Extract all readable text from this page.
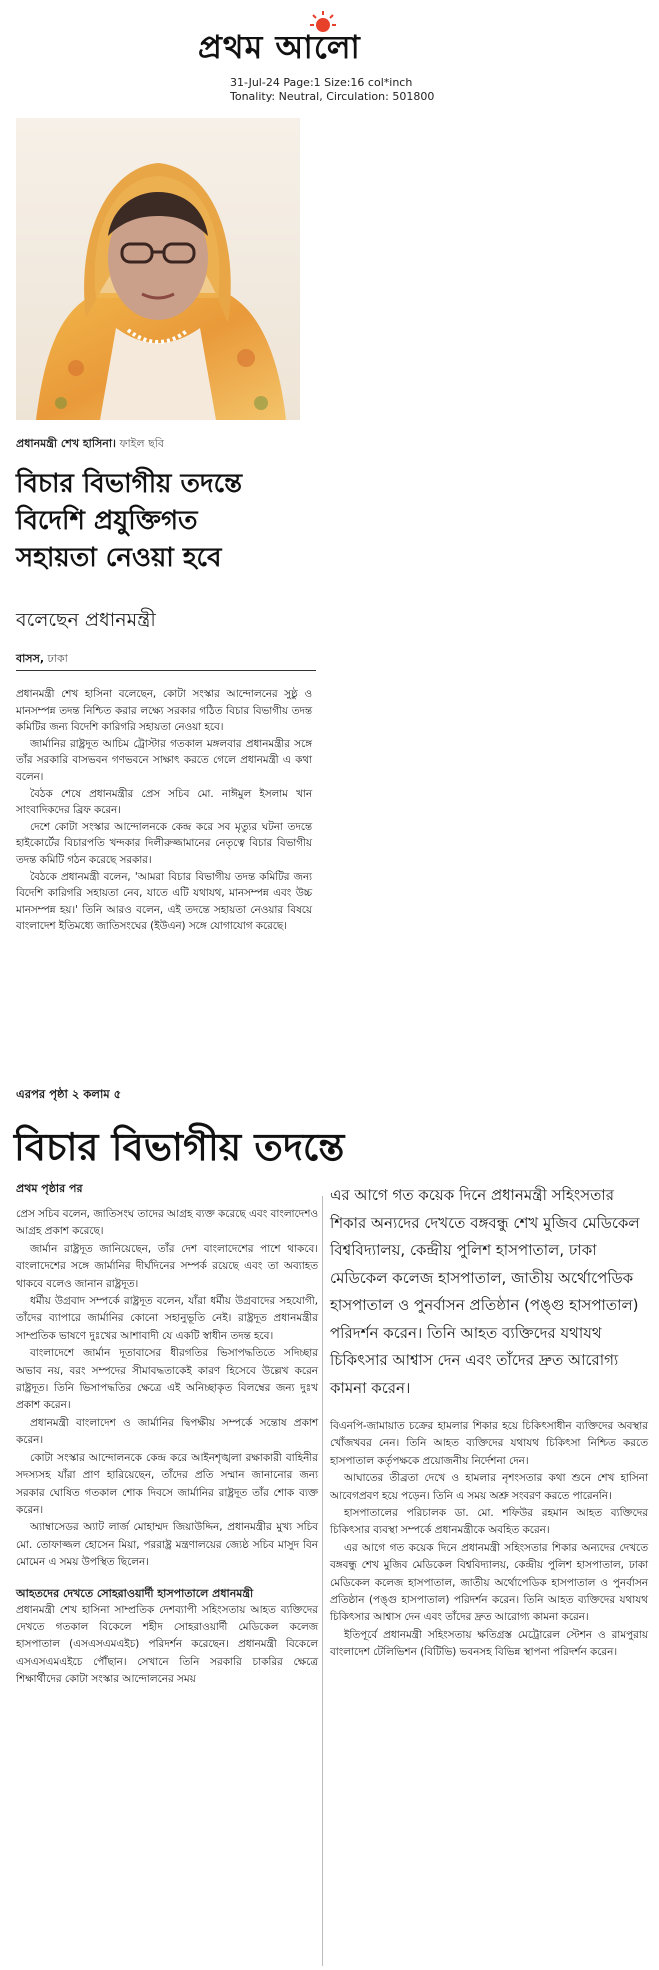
প্রথম আলো
31-Jul-24 Page:1 Size:16 col*inch
Tonality: Neutral, Circulation: 501800
প্রধানমন্ত্রী শেখ হাসিনা। ফাইল ছবি
বিচার বিভাগীয় তদন্তে
বিদেশি প্রযুক্তিগত
সহায়তা নেওয়া হবে
বলেছেন প্রধানমন্ত্রী
বাসস, ঢাকা

প্রধানমন্ত্রী শেখ হাসিনা বলেছেন, কোটা সংস্কার আন্দোলনের সুষ্ঠু ও মানসম্পন্ন তদন্ত নিশ্চিত করার লক্ষ্যে সরকার গঠিত বিচার বিভাগীয় তদন্ত কমিটির জন্য বিদেশি কারিগরি সহায়তা নেওয়া হবে।

জার্মানির রাষ্ট্রদূত আচিম ট্রোস্টার গতকাল মঙ্গলবার প্রধানমন্ত্রীর সঙ্গে তাঁর সরকারি বাসভবন গণভবনে সাক্ষাৎ করতে গেলে প্রধানমন্ত্রী এ কথা বলেন।

বৈঠক শেষে প্রধানমন্ত্রীর প্রেস সচিব মো. নাঈমুল ইসলাম খান সাংবাদিকদের ব্রিফ করেন।

দেশে কোটা সংস্কার আন্দোলনকে কেন্দ্র করে সব মৃত্যুর ঘটনা তদন্তে হাইকোর্টের বিচারপতি খন্দকার দিলীরুজ্জামানের নেতৃত্বে বিচার বিভাগীয় তদন্ত কমিটি গঠন করেছে সরকার।

বৈঠকে প্রধানমন্ত্রী বলেন, 'আমরা বিচার বিভাগীয় তদন্ত কমিটির জন্য বিদেশি কারিগরি সহায়তা নেব, যাতে এটি যথাযথ, মানসম্পন্ন এবং উচ্চ মানসম্পন্ন হয়।' তিনি আরও বলেন, এই তদন্তে সহায়তা নেওয়ার বিষয়ে বাংলাদেশ ইতিমধ্যে জাতিসংঘের (ইউএন) সঙ্গে যোগাযোগ করেছে।

এরপর পৃষ্ঠা ২ কলাম ৫
বিচার বিভাগীয় তদন্তে
প্রথম পৃষ্ঠার পর

প্রেস সচিব বলেন, জাতিসংঘ তাদের আগ্রহ ব্যক্ত করেছে এবং বাংলাদেশও আগ্রহ প্রকাশ করেছে।

জার্মান রাষ্ট্রদূত জানিয়েছেন, তাঁর দেশ বাংলাদেশের পাশে থাকবে। বাংলাদেশের সঙ্গে জার্মানির দীর্ঘদিনের সম্পর্ক রয়েছে এবং তা অব্যাহত থাকবে বলেও জানান রাষ্ট্রদূত।

ধর্মীয় উগ্রবাদ সম্পর্কে রাষ্ট্রদূত বলেন, যাঁরা ধর্মীয় উগ্রবাদের সহযোগী, তাঁদের ব্যাপারে জার্মানির কোনো সহানুভূতি নেই। রাষ্ট্রদূত প্রধানমন্ত্রীর সাম্প্রতিক ভাষণে দুঃখের আশাবাদী যে একটি স্বাধীন তদন্ত হবে।

বাংলাদেশে জার্মান দূতাবাসের ধীরগতির ভিসাপদ্ধতিতে সদিচ্ছার অভাব নয়, বরং সম্পদের সীমাবদ্ধতাকেই কারণ হিসেবে উল্লেখ করেন রাষ্ট্রদূত। তিনি ভিসাপদ্ধতির ক্ষেত্রে এই অনিচ্ছাকৃত বিলম্বের জন্য দুঃখ প্রকাশ করেন।

প্রধানমন্ত্রী বাংলাদেশ ও জার্মানির দ্বিপক্ষীয় সম্পর্কে সন্তোষ প্রকাশ করেন।

কোটা সংস্কার আন্দোলনকে কেন্দ্র করে আইনশৃঙ্খলা রক্ষাকারী বাহিনীর সদস্যসহ যাঁরা প্রাণ হারিয়েছেন, তাঁদের প্রতি সম্মান জানানোর জন্য সরকার ঘোষিত গতকাল শোক দিবসে জার্মানির রাষ্ট্রদূত তাঁর শোক ব্যক্ত করেন।

অ্যাম্বাসেডর অ্যাট লার্জ মোহাম্মদ জিয়াউদ্দিন, প্রধানমন্ত্রীর মুখ্য সচিব মো. তোফাজ্জল হোসেন মিয়া, পররাষ্ট্র মন্ত্রণালয়ের জ্যেষ্ঠ সচিব মাসুদ বিন মোমেন এ সময় উপস্থিত ছিলেন।

আহতদের দেখতে সোহরাওয়ার্দী হাসপাতালে প্রধানমন্ত্রী

প্রধানমন্ত্রী শেখ হাসিনা সাম্প্রতিক দেশব্যাপী সহিংসতায় আহত ব্যক্তিদের দেখতে গতকাল বিকেলে শহীদ সোহরাওয়ার্দী মেডিকেল কলেজ হাসপাতাল (এসএসএমএইচ) পরিদর্শন করেছেন। প্রধানমন্ত্রী বিকেলে এসএসএমএইচে পৌঁছান। সেখানে তিনি সরকারি চাকরির ক্ষেত্রে শিক্ষার্থীদের কোটা সংস্কার আন্দোলনের সময়

এর আগে গত কয়েক দিনে প্রধানমন্ত্রী সহিংসতার শিকার অন্যদের দেখতে বঙ্গবন্ধু শেখ মুজিব মেডিকেল বিশ্ববিদ্যালয়, কেন্দ্রীয় পুলিশ হাসপাতাল, ঢাকা মেডিকেল কলেজ হাসপাতাল, জাতীয় অর্থোপেডিক হাসপাতাল ও পুনর্বাসন প্রতিষ্ঠান (পঙ্গু হাসপাতাল) পরিদর্শন করেন। তিনি আহত ব্যক্তিদের যথাযথ চিকিৎসার আশ্বাস দেন এবং তাঁদের দ্রুত আরোগ্য কামনা করেন।

বিএনপি-জামায়াত চক্রের হামলার শিকার হয়ে চিকিৎসাধীন ব্যক্তিদের অবস্থার খোঁজখবর নেন। তিনি আহত ব্যক্তিদের যথাযথ চিকিৎসা নিশ্চিত করতে হাসপাতাল কর্তৃপক্ষকে প্রয়োজনীয় নির্দেশনা দেন।

আঘাতের তীব্রতা দেখে ও হামলার নৃশংসতার কথা শুনে শেখ হাসিনা আবেগপ্রবণ হয়ে পড়েন। তিনি এ সময় অশ্রু সংবরণ করতে পারেননি।

হাসপাতালের পরিচালক ডা. মো. শফিউর রহমান আহত ব্যক্তিদের চিকিৎসার ব্যবস্থা সম্পর্কে প্রধানমন্ত্রীকে অবহিত করেন।

এর আগে গত কয়েক দিনে প্রধানমন্ত্রী সহিংসতার শিকার অন্যদের দেখতে বঙ্গবন্ধু শেখ মুজিব মেডিকেল বিশ্ববিদ্যালয়, কেন্দ্রীয় পুলিশ হাসপাতাল, ঢাকা মেডিকেল কলেজ হাসপাতাল, জাতীয় অর্থোপেডিক হাসপাতাল ও পুনর্বাসন প্রতিষ্ঠান (পঙ্গু হাসপাতাল) পরিদর্শন করেন। তিনি আহত ব্যক্তিদের যথাযথ চিকিৎসার আশ্বাস দেন এবং তাঁদের দ্রুত আরোগ্য কামনা করেন।

ইতিপূর্বে প্রধানমন্ত্রী সহিংসতায় ক্ষতিগ্রস্ত মেট্রোরেল স্টেশন ও রামপুরায় বাংলাদেশ টেলিভিশন (বিটিভি) ভবনসহ বিভিন্ন স্থাপনা পরিদর্শন করেন।
